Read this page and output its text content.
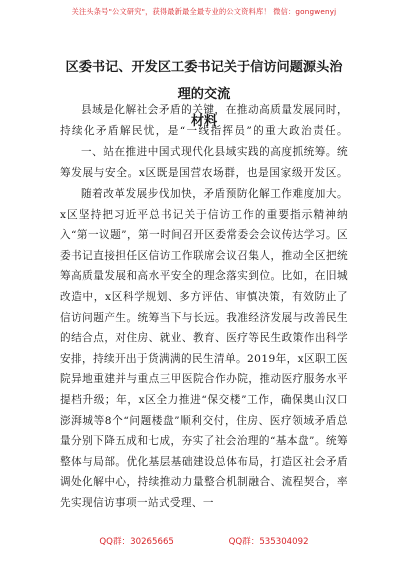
关注头条号"公文研究"，获得最新最全最专业的公文资料库！ 微信：gongwenyj
区委书记、开发区工委书记关于信访问题源头治理的交流
材料

县域是化解社会矛盾的关键，在推动高质量发展同时，持续化矛盾解民忧，是“一线指挥员”的重大政治责任。

一、站在推进中国式现代化县域实践的高度抓统筹。统筹发展与安全。x区既是国营农场群，也是国家级开发区。

随着改革发展步伐加快，矛盾预防化解工作难度加大。x区坚持把习近平总书记关于信访工作的重要指示精神纳入“第一议题”，第一时间召开区委常委会会议传达学习。区委书记直接担任区信访工作联席会议召集人，推动全区把统筹高质量发展和高水平安全的理念落实到位。比如，在旧城改造中，x区科学规划、多方评估、审慎决策，有效防止了信访问题产生。统筹当下与长远。我准经济发展与改善民生的结合点，对住房、就业、教育、医疗等民生政策作出科学安排，持续开出于货满满的民生清单。2019年，x区职工医院异地重建并与重点三甲医院合作办院，推动医疗服务水平提档升级；年，x区全力推进“保交楼”工作，确保奥山汉口澎湃城等8个“问题楼盘”顺利交付，住房、医疗领域矛盾总量分别下降五成和七成，夯实了社会治理的“基本盘”。统筹整体与局部。优化基层基础建设总体布局，打造区社会矛盾调处化解中心，持续推动力量整合机制融合、流程契合，率先实现信访事项一站式受理、一

QQ群：30265665	QQ群：535304092
